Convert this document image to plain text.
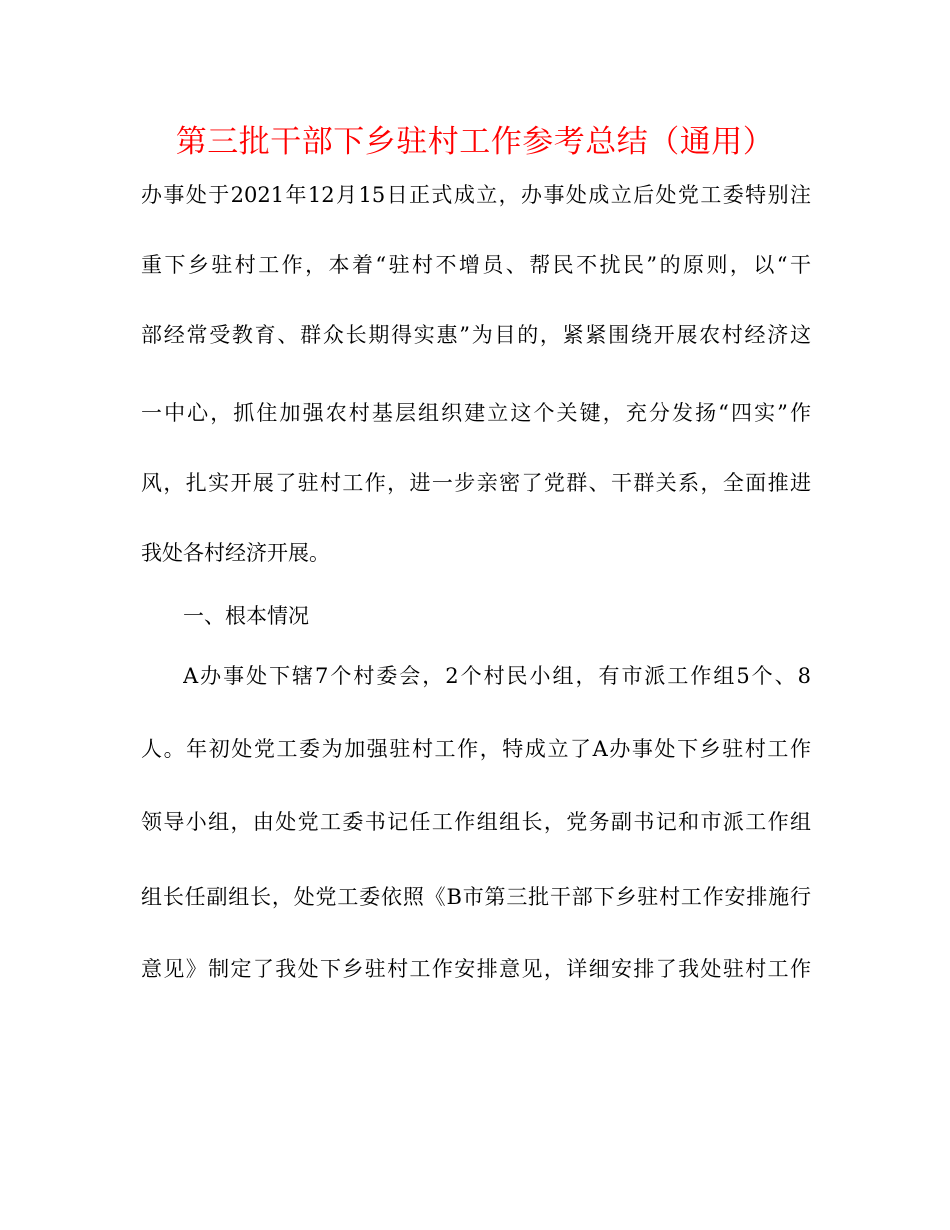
第三批干部下乡驻村工作参考总结（通用）

办事处于2021年12月15日正式成立，办事处成立后处党工委特别注

重下乡驻村工作，本着“驻村不增员、帮民不扰民”的原则，以“干

部经常受教育、群众长期得实惠”为目的，紧紧围绕开展农村经济这

一中心，抓住加强农村基层组织建立这个关键，充分发扬“四实”作

风，扎实开展了驻村工作，进一步亲密了党群、干群关系，全面推进

我处各村经济开展。

一、根本情况

A办事处下辖7个村委会，2个村民小组，有市派工作组5个、8

人。年初处党工委为加强驻村工作，特成立了A办事处下乡驻村工作

领导小组，由处党工委书记任工作组组长，党务副书记和市派工作组

组长任副组长，处党工委依照《B市第三批干部下乡驻村工作安排施行

意见》制定了我处下乡驻村工作安排意见，详细安排了我处驻村工作
